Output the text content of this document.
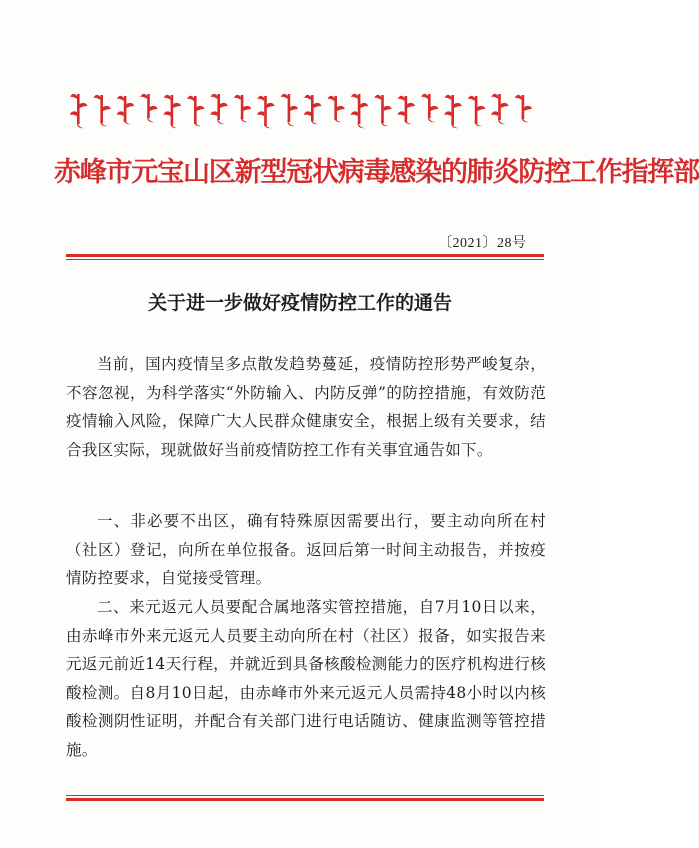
赤峰市元宝山区新型冠状病毒感染的肺炎防控工作指挥部
〔2021〕28号
关于进一步做好疫情防控工作的通告

当前，国内疫情呈多点散发趋势蔓延，疫情防控形势严峻复杂，不容忽视，为科学落实“外防输入、内防反弹”的防控措施，有效防范疫情输入风险，保障广大人民群众健康安全，根据上级有关要求，结合我区实际，现就做好当前疫情防控工作有关事宜通告如下。

一、非必要不出区，确有特殊原因需要出行，要主动向所在村（社区）登记，向所在单位报备。返回后第一时间主动报告，并按疫情防控要求，自觉接受管理。

二、来元返元人员要配合属地落实管控措施，自7月10日以来，由赤峰市外来元返元人员要主动向所在村（社区）报备，如实报告来元返元前近14天行程，并就近到具备核酸检测能力的医疗机构进行核酸检测。自8月10日起，由赤峰市外来元返元人员需持48小时以内核酸检测阴性证明，并配合有关部门进行电话随访、健康监测等管控措施。
